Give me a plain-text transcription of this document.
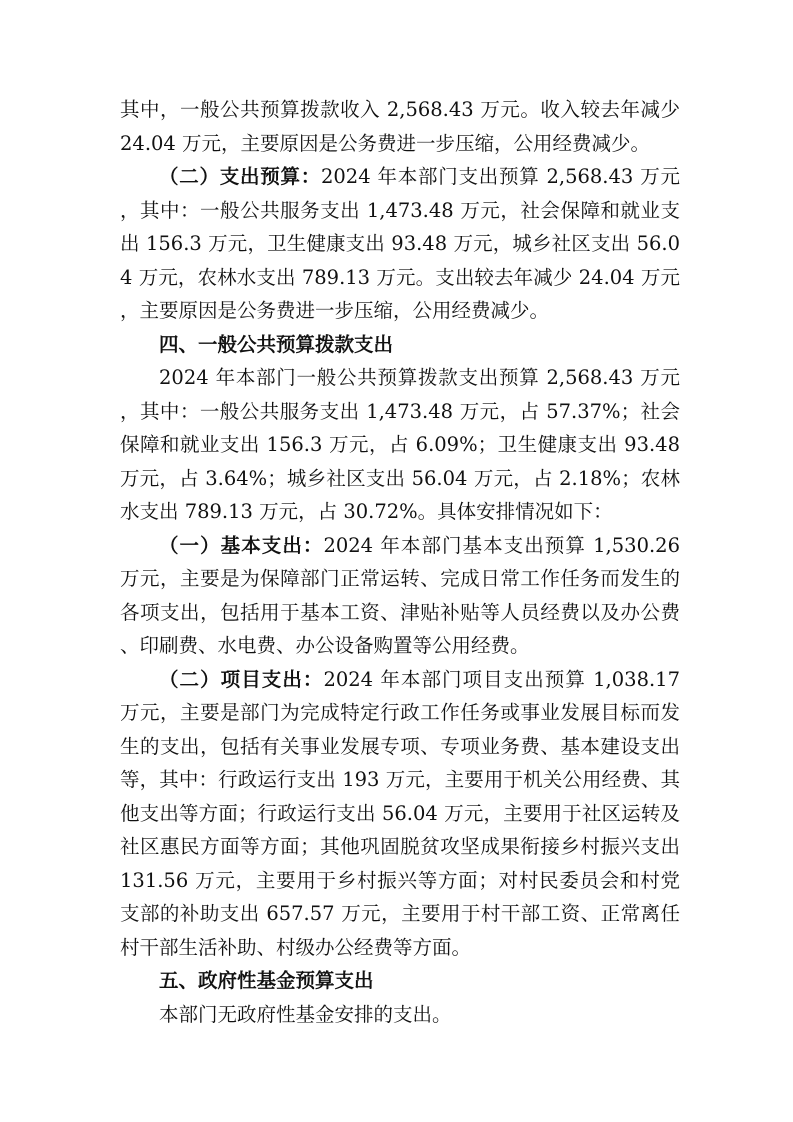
其中，一般公共预算拨款收入 2,568.43 万元。收入较去年减少 24.04 万元，主要原因是公务费进一步压缩，公用经费减少。

（二）支出预算：2024 年本部门支出预算 2,568.43 万元，其中：一般公共服务支出 1,473.48 万元，社会保障和就业支出 156.3 万元，卫生健康支出 93.48 万元，城乡社区支出 56.04 万元，农林水支出 789.13 万元。支出较去年减少 24.04 万元，主要原因是公务费进一步压缩，公用经费减少。

四、一般公共预算拨款支出

2024 年本部门一般公共预算拨款支出预算 2,568.43 万元，其中：一般公共服务支出 1,473.48 万元，占 57.37%；社会保障和就业支出 156.3 万元，占 6.09%；卫生健康支出 93.48 万元，占 3.64%；城乡社区支出 56.04 万元，占 2.18%；农林水支出 789.13 万元，占 30.72%。具体安排情况如下：

（一）基本支出：2024 年本部门基本支出预算 1,530.26 万元，主要是为保障部门正常运转、完成日常工作任务而发生的各项支出，包括用于基本工资、津贴补贴等人员经费以及办公费、印刷费、水电费、办公设备购置等公用经费。

（二）项目支出：2024 年本部门项目支出预算 1,038.17 万元，主要是部门为完成特定行政工作任务或事业发展目标而发生的支出，包括有关事业发展专项、专项业务费、基本建设支出等，其中：行政运行支出 193 万元，主要用于机关公用经费、其他支出等方面；行政运行支出 56.04 万元，主要用于社区运转及社区惠民方面等方面；其他巩固脱贫攻坚成果衔接乡村振兴支出 131.56 万元，主要用于乡村振兴等方面；对村民委员会和村党支部的补助支出 657.57 万元，主要用于村干部工资、正常离任村干部生活补助、村级办公经费等方面。

五、政府性基金预算支出

本部门无政府性基金安排的支出。
